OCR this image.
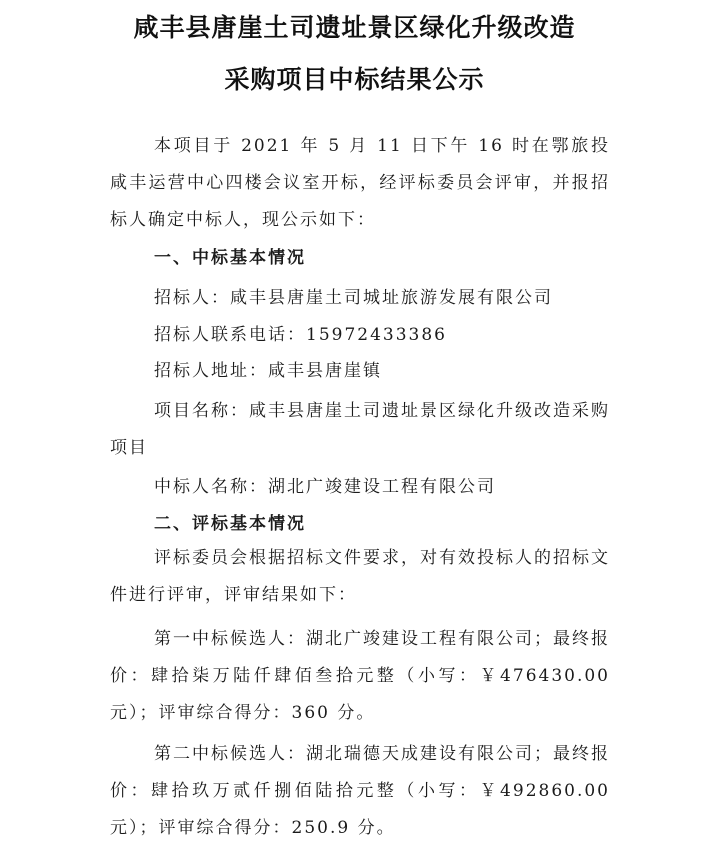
咸丰县唐崖土司遗址景区绿化升级改造
采购项目中标结果公示
本项目于 2021 年 5 月 11 日下午 16 时在鄂旅投咸丰运营中心四楼会议室开标，经评标委员会评审，并报招标人确定中标人，现公示如下：
一、中标基本情况
招标人：咸丰县唐崖土司城址旅游发展有限公司
招标人联系电话：15972433386
招标人地址：咸丰县唐崖镇
项目名称：咸丰县唐崖土司遗址景区绿化升级改造采购项目
中标人名称：湖北广竣建设工程有限公司
二、评标基本情况
评标委员会根据招标文件要求，对有效投标人的招标文件进行评审，评审结果如下：
第一中标候选人：湖北广竣建设工程有限公司；最终报价：肆拾柒万陆仟肆佰叁拾元整（小写：￥476430.00 元）；评审综合得分：360 分。
第二中标候选人：湖北瑞德天成建设有限公司；最终报价：肆拾玖万贰仟捌佰陆拾元整（小写：￥492860.00 元）；评审综合得分：250.9 分。
